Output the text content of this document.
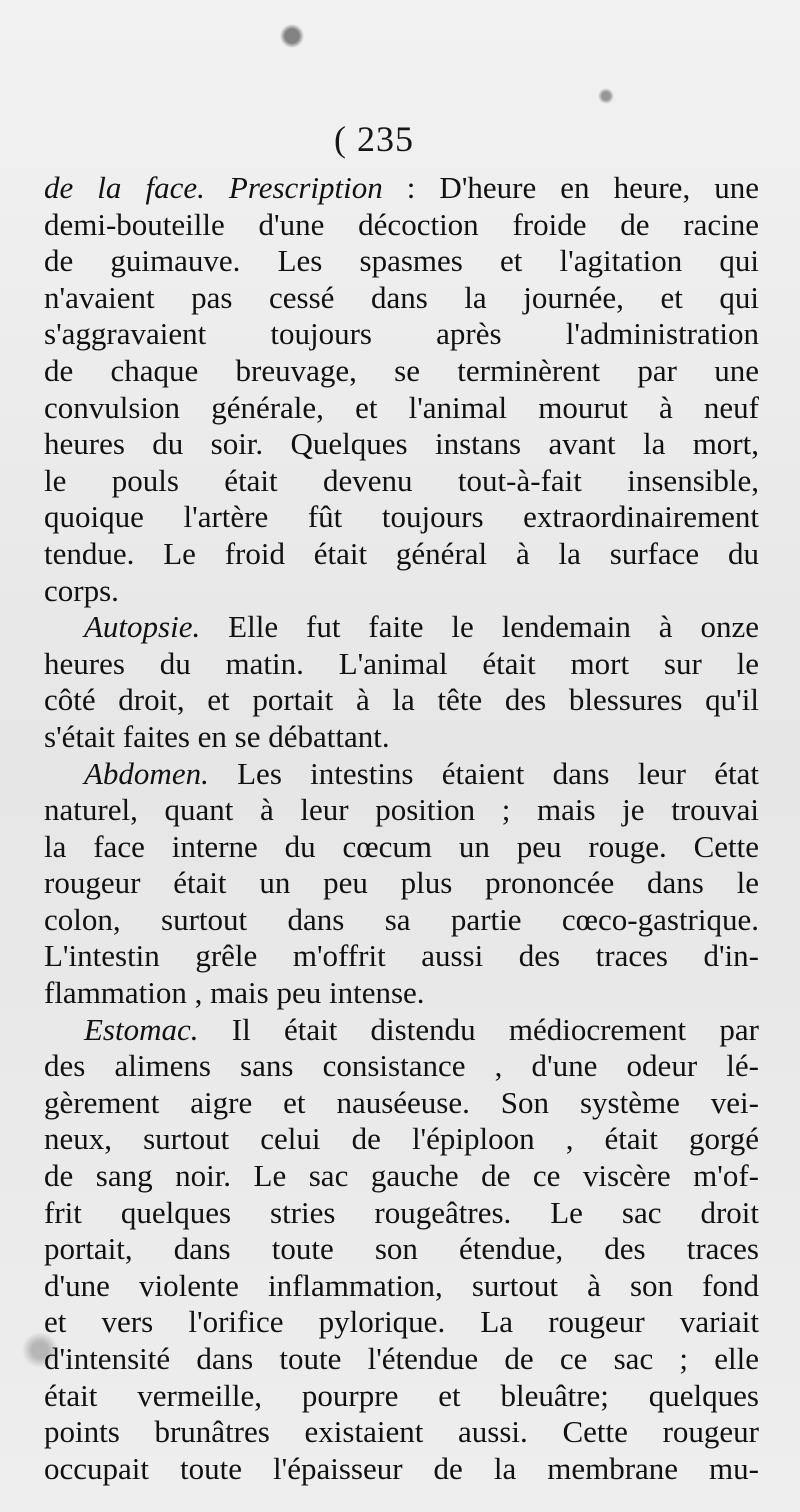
( 235
de la face. Prescription : D'heure en heure, une
demi-bouteille d'une décoction froide de racine
de guimauve. Les spasmes et l'agitation qui
n'avaient pas cessé dans la journée, et qui
s'aggravaient toujours après l'administration
de chaque breuvage, se terminèrent par une
convulsion générale, et l'animal mourut à neuf
heures du soir. Quelques instans avant la mort,
le pouls était devenu tout-à-fait insensible,
quoique l'artère fût toujours extraordinairement
tendue. Le froid était général à la surface du
corps.
Autopsie. Elle fut faite le lendemain à onze
heures du matin. L'animal était mort sur le
côté droit, et portait à la tête des blessures qu'il
s'était faites en se débattant.
Abdomen. Les intestins étaient dans leur état
naturel, quant à leur position ; mais je trouvai
la face interne du cœcum un peu rouge. Cette
rougeur était un peu plus prononcée dans le
colon, surtout dans sa partie cœco-gastrique.
L'intestin grêle m'offrit aussi des traces d'in-
flammation , mais peu intense.
Estomac. Il était distendu médiocrement par
des alimens sans consistance , d'une odeur lé-
gèrement aigre et nauséeuse. Son système vei-
neux, surtout celui de l'épiploon , était gorgé
de sang noir. Le sac gauche de ce viscère m'of-
frit quelques stries rougeâtres. Le sac droit
portait, dans toute son étendue, des traces
d'une violente inflammation, surtout à son fond
et vers l'orifice pylorique. La rougeur variait
d'intensité dans toute l'étendue de ce sac ; elle
était vermeille, pourpre et bleuâtre; quelques
points brunâtres existaient aussi. Cette rougeur
occupait toute l'épaisseur de la membrane mu-
